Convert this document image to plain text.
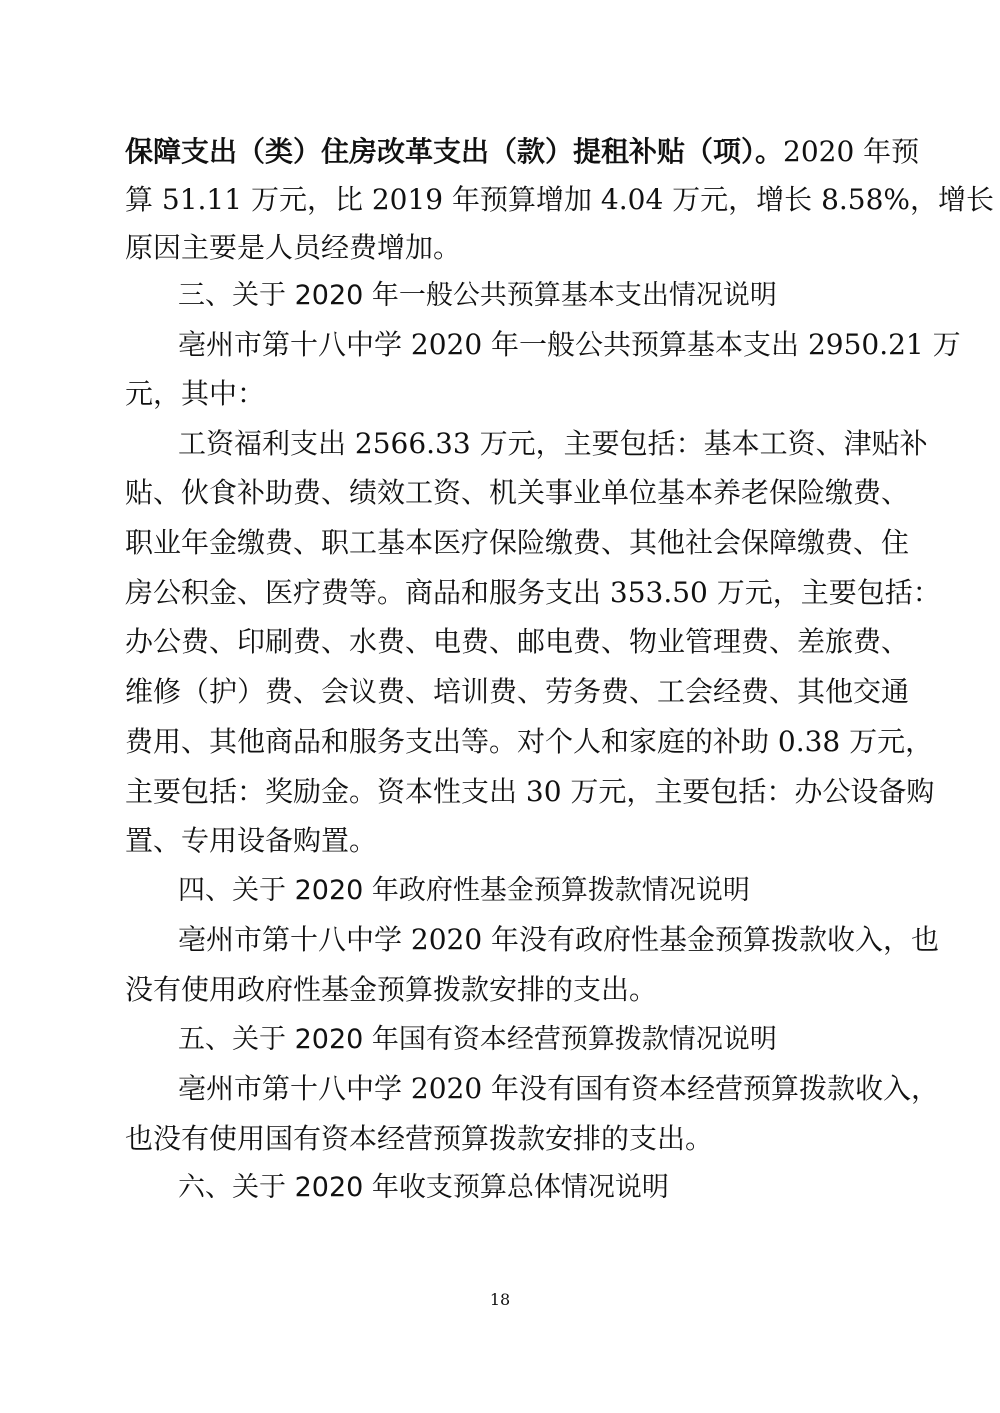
保障支出（类）住房改革支出（款）提租补贴（项）。2020 年预
算 51.11 万元，比 2019 年预算增加 4.04 万元，增长 8.58%，增长
原因主要是人员经费增加。
三、关于 2020 年一般公共预算基本支出情况说明
亳州市第十八中学 2020 年一般公共预算基本支出 2950.21 万
元，其中：
工资福利支出 2566.33 万元，主要包括：基本工资、津贴补
贴、伙食补助费、绩效工资、机关事业单位基本养老保险缴费、
职业年金缴费、职工基本医疗保险缴费、其他社会保障缴费、住
房公积金、医疗费等。商品和服务支出 353.50 万元，主要包括：
办公费、印刷费、水费、电费、邮电费、物业管理费、差旅费、
维修（护）费、会议费、培训费、劳务费、工会经费、其他交通
费用、其他商品和服务支出等。对个人和家庭的补助 0.38 万元，
主要包括：奖励金。资本性支出 30 万元，主要包括：办公设备购
置、专用设备购置。
四、关于 2020 年政府性基金预算拨款情况说明
亳州市第十八中学 2020 年没有政府性基金预算拨款收入，也
没有使用政府性基金预算拨款安排的支出。
五、关于 2020 年国有资本经营预算拨款情况说明
亳州市第十八中学 2020 年没有国有资本经营预算拨款收入，
也没有使用国有资本经营预算拨款安排的支出。
六、关于 2020 年收支预算总体情况说明
18
